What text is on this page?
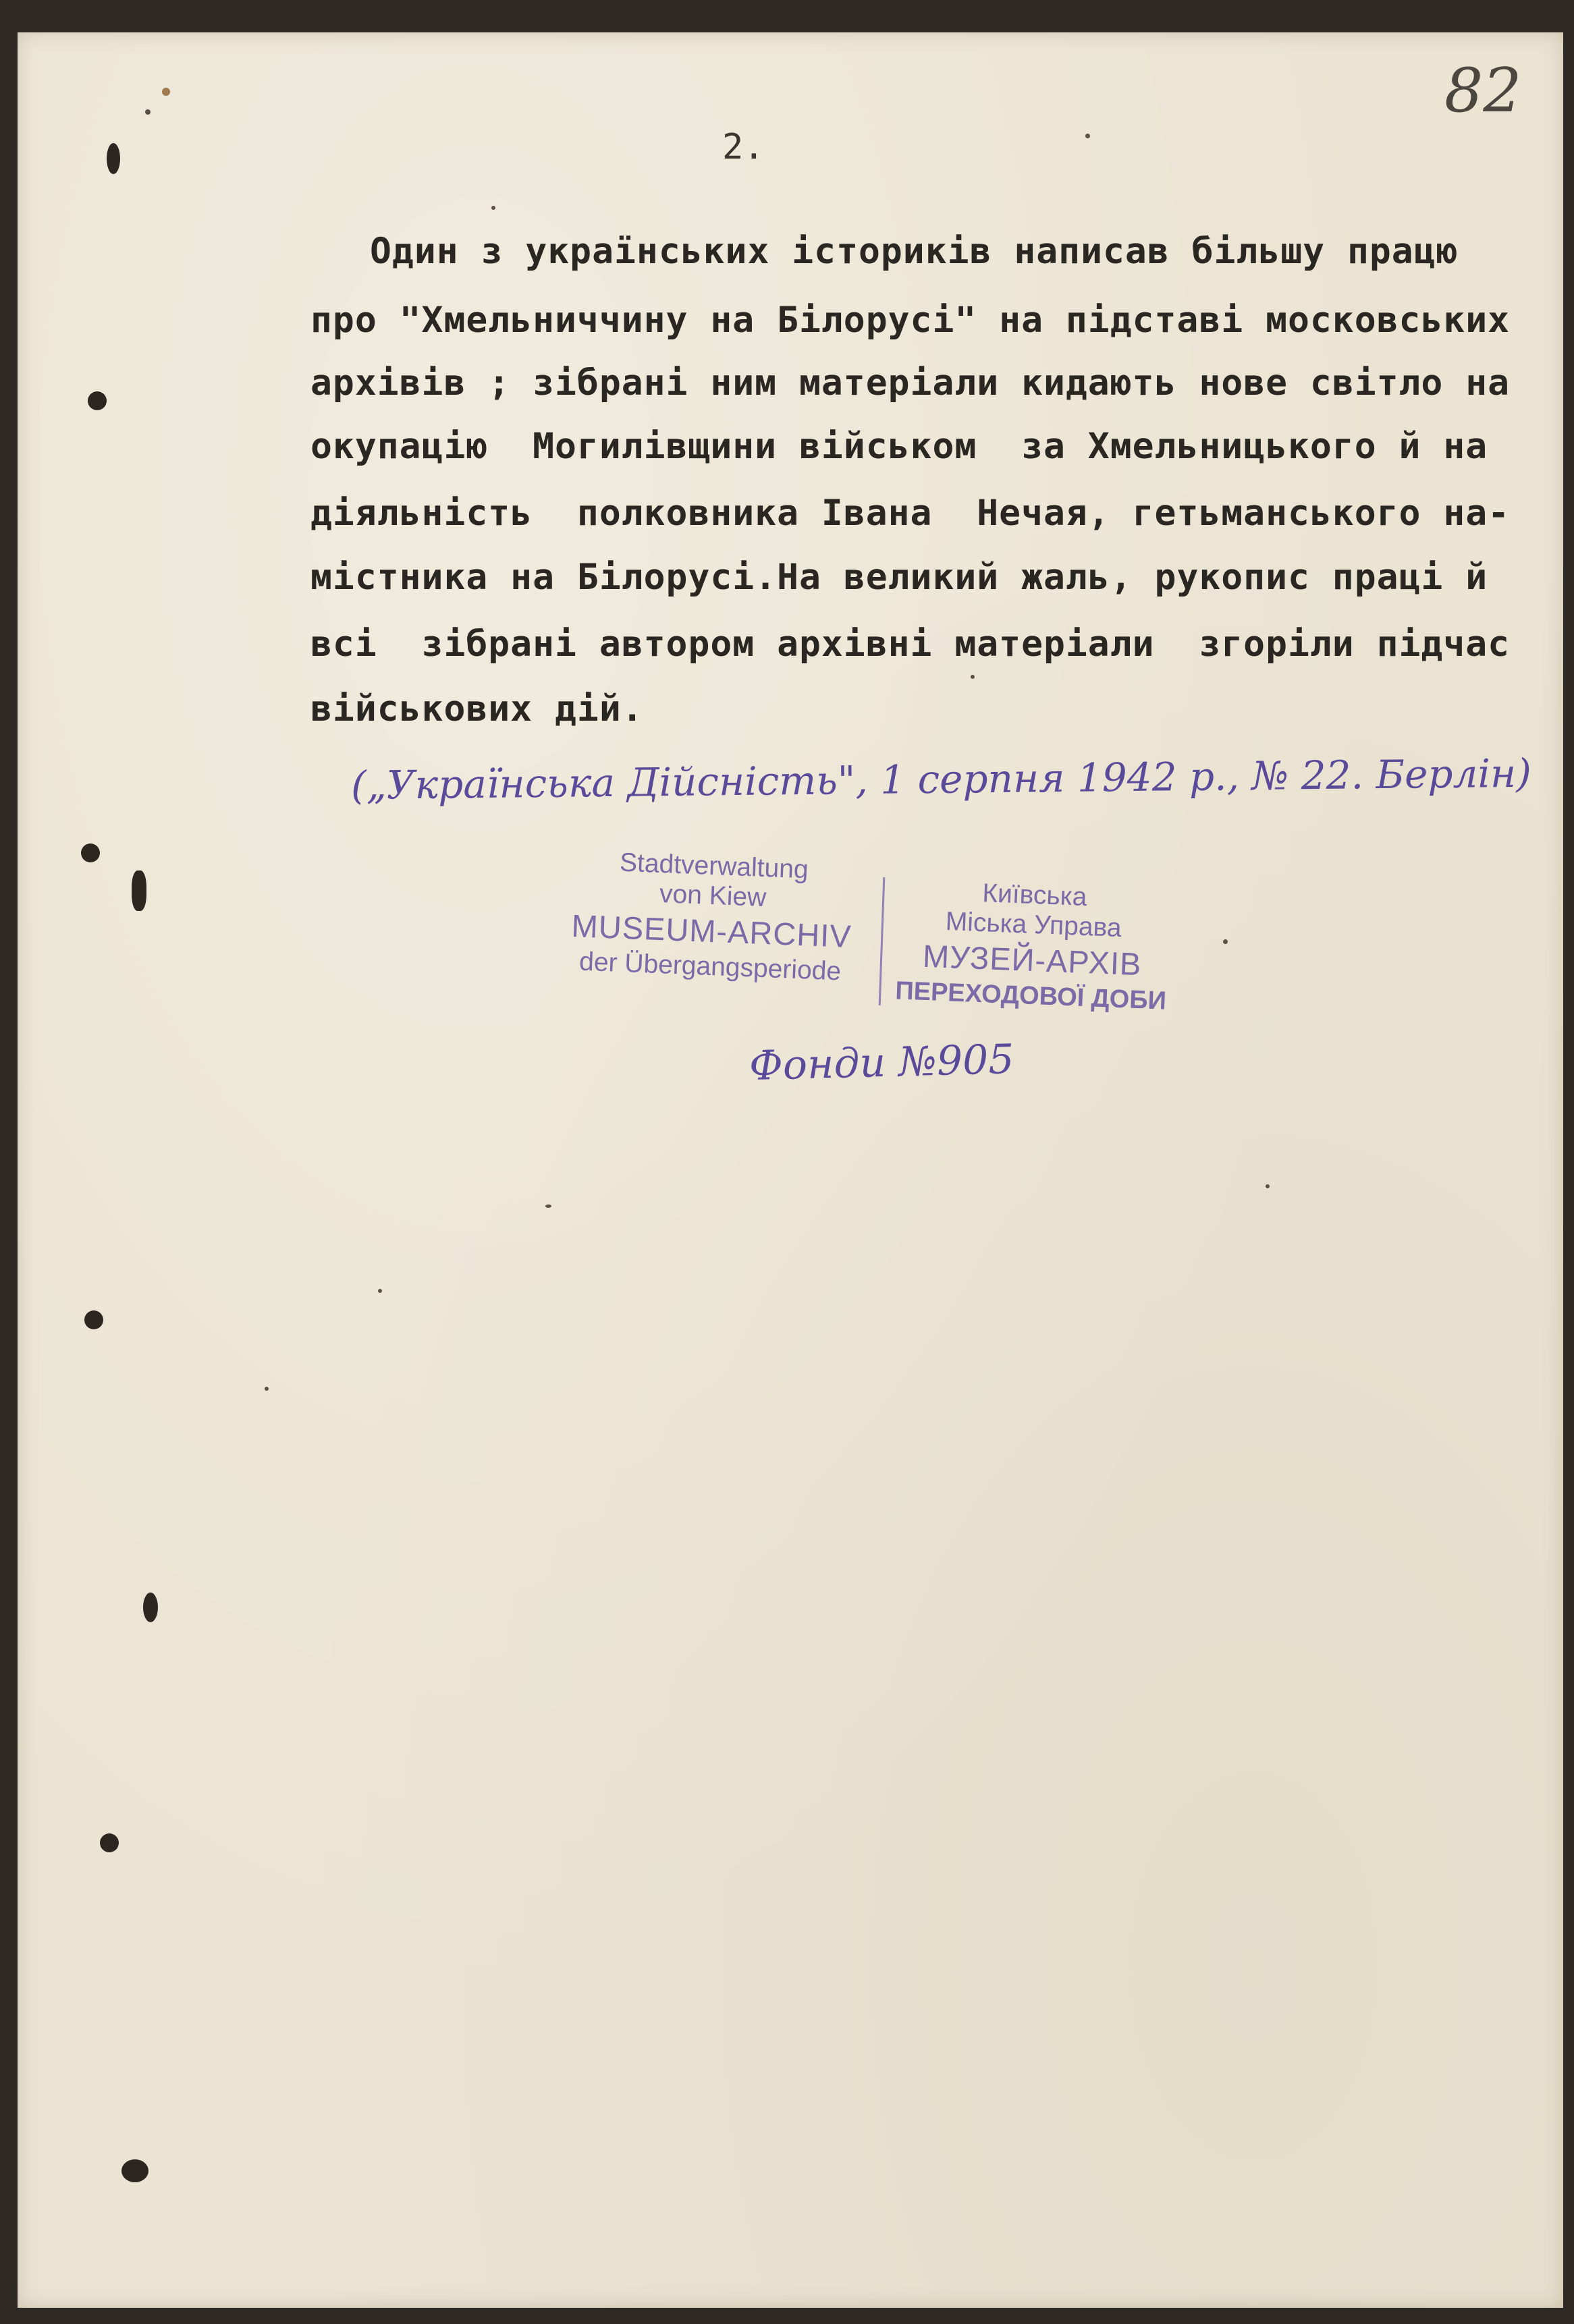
82
2.
Один з українських істориків написав більшу працю
про "Хмельниччину на Білорусі" на підставі московських
архівів ; зібрані ним матеріали кидають нове світло на
окупацію  Могилівщини військом  за Хмельницького й на
діяльність  полковника Івана  Нечая, гетьманського на-
містника на Білорусі.На великий жаль, рукопис праці й
всі  зібрані автором архівні матеріали  згоріли підчас
військових дій.
(„Українська Дійсність", 1 серпня 1942 р., № 22. Берлін)
Stadtverwaltung
von Kiew
MUSEUM-ARCHIV
der Übergangsperiode
Київська
Міська Управа
МУЗЕЙ-АРХІВ
ПЕРЕХОДОВОЇ ДОБИ
Фонди №905
